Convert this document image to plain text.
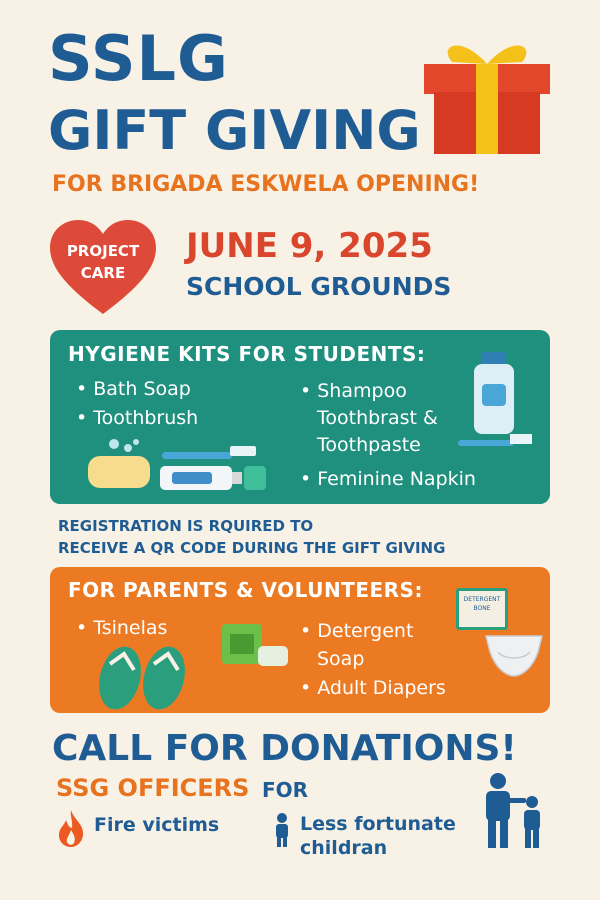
SSLG
GIFT GIVING
FOR BRIGADA ESKWELA OPENING!
PROJECT
CARE
JUNE 9, 2025
SCHOOL GROUNDS
HYGIENE KITS FOR STUDENTS:
• Bath Soap
• Toothbrush
• Shampoo
Toothbrast &
Toothpaste
• Feminine Napkin
REGISTRATION IS RQUIRED TO
RECEIVE A QR CODE DURING THE GIFT GIVING
FOR PARENTS & VOLUNTEERS:
• Tsinelas	• Detergent
Soap
• Adult Diapers
DETERGENT
BONE
CALL FOR DONATIONS!
SSG OFFICERS FOR
Fire victims	Less fortunate
childran
